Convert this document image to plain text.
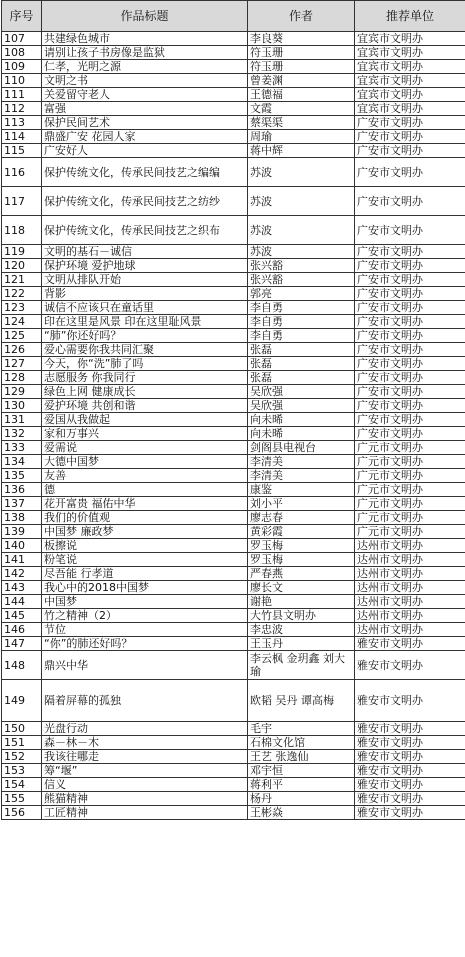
序号	作品标题	作者	推荐单位
107	共建绿色城市	李良葵	宜宾市文明办
108	请别让孩子书房像是监狱	符玉珊	宜宾市文明办
109	仁孝，光明之源	符玉珊	宜宾市文明办
110	文明之书	曾姜渊	宜宾市文明办
111	关爱留守老人	王德福	宜宾市文明办
112	富强	文霞	宜宾市文明办
113	保护民间艺术	蔡渠渠	广安市文明办
114	鼎盛广安 花园人家	周瑜	广安市文明办
115	广安好人	蒋中辉	广安市文明办
116	保护传统文化，传承民间技艺之编编	苏波	广安市文明办
117	保护传统文化，传承民间技艺之纺纱	苏波	广安市文明办
118	保护传统文化，传承民间技艺之织布	苏波	广安市文明办
119	文明的基石－诚信	苏波	广安市文明办
120	保护环境 爱护地球	张兴豁	广安市文明办
121	文明从排队开始	张兴豁	广安市文明办
122	背影	郭亮	广安市文明办
123	诚信不应该只在童话里	李自勇	广安市文明办
124	印在这里是风景 印在这里耻风景	李自勇	广安市文明办
125	“肺”你还好吗？	李自勇	广安市文明办
126	爱心需要你我共同汇聚	张磊	广安市文明办
127	今天，你“洗”肺了吗	张磊	广安市文明办
128	志愿服务 你我同行	张磊	广安市文明办
129	绿色上网 健康成长	吴欣强	广安市文明办
130	爱护环境 共创和谐	吴欣强	广安市文明办
131	爱国从我做起	向未晞	广安市文明办
132	家和万事兴	向未晞	广安市文明办
133	爱需说	剑阁县电视台	广元市文明办
134	大德中国梦	李清美	广元市文明办
135	友善	李清美	广元市文明办
136	德	康鉴	广元市文明办
137	花开富贵 福佑中华	刘小平	广元市文明办
138	我们的价值观	廖志春	广元市文明办
139	中国梦 廉政梦	黄彩霞	广元市文明办
140	板擦说	罗玉梅	达州市文明办
141	粉笔说	罗玉梅	达州市文明办
142	尽吾能 行孝道	严春燕	达州市文明办
143	我心中的2018中国梦	廖长文	达州市文明办
144	中国梦	谢艳	达州市文明办
145	竹之精神（2）	大竹县文明办	达州市文明办
146	节位	李忠波	达州市文明办
147	“你”的肺还好吗？	王玉丹	雅安市文明办
148	鼎兴中华	李云枫 金玥鑫 刘大瑜	雅安市文明办
149	隔着屏幕的孤独	欧韬 吴丹 谭高梅	雅安市文明办
150	光盘行动	毛宇	雅安市文明办
151	森－林－木	石棉文化馆	雅安市文明办
152	我该往哪走	王艺 张逸仙	雅安市文明办
153	筹“堰”	邓宇恒	雅安市文明办
154	信义	蒋利平	雅安市文明办
155	熊猫精神	杨丹	雅安市文明办
156	工匠精神	王彬焱	雅安市文明办
